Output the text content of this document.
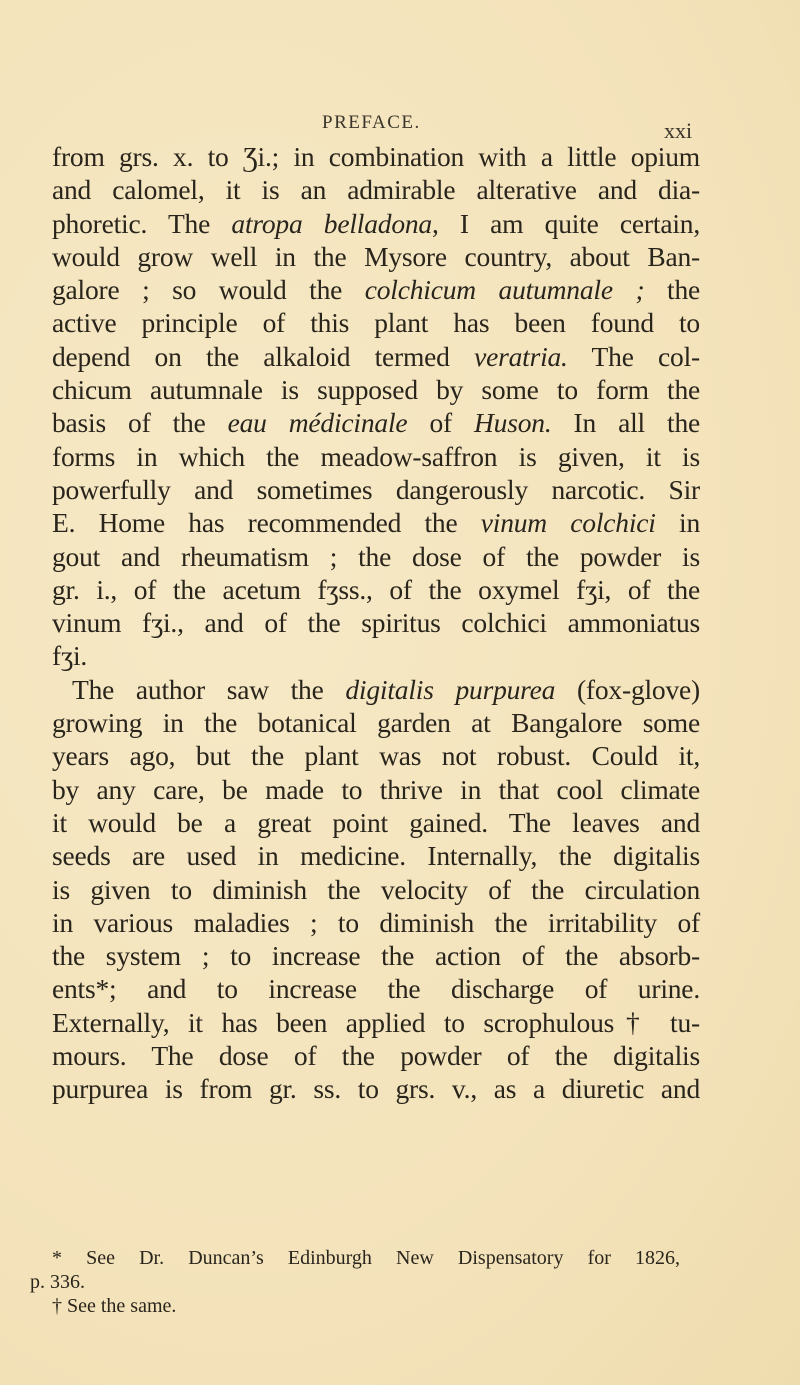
PREFACE.	xxi
from grs. x. to Ʒi.; in combination with a little opium
and calomel, it is an admirable alterative and dia-
phoretic. The atropa belladona, I am quite certain,
would grow well in the Mysore country, about Ban-
galore ; so would the colchicum autumnale ; the
active principle of this plant has been found to
depend on the alkaloid termed veratria. The col-
chicum autumnale is supposed by some to form the
basis of the eau médicinale of Huson. In all the
forms in which the meadow-saffron is given, it is
powerfully and sometimes dangerously narcotic. Sir
E. Home has recommended the vinum colchici in
gout and rheumatism ; the dose of the powder is
gr. i., of the acetum fʒss., of the oxymel fʒi, of the
vinum fʒi., and of the spiritus colchici ammoniatus
fʒi.
The author saw the digitalis purpurea (fox-glove)
growing in the botanical garden at Bangalore some
years ago, but the plant was not robust. Could it,
by any care, be made to thrive in that cool climate
it would be a great point gained. The leaves and
seeds are used in medicine. Internally, the digitalis
is given to diminish the velocity of the circulation
in various maladies ; to diminish the irritability of
the system ; to increase the action of the absorb-
ents*; and to increase the discharge of urine.
Externally, it has been applied to scrophulous† tu-
mours. The dose of the powder of the digitalis
purpurea is from gr. ss. to grs. v., as a diuretic and
* See Dr. Duncan’s Edinburgh New Dispensatory for 1826,
p. 336.
† See the same.
